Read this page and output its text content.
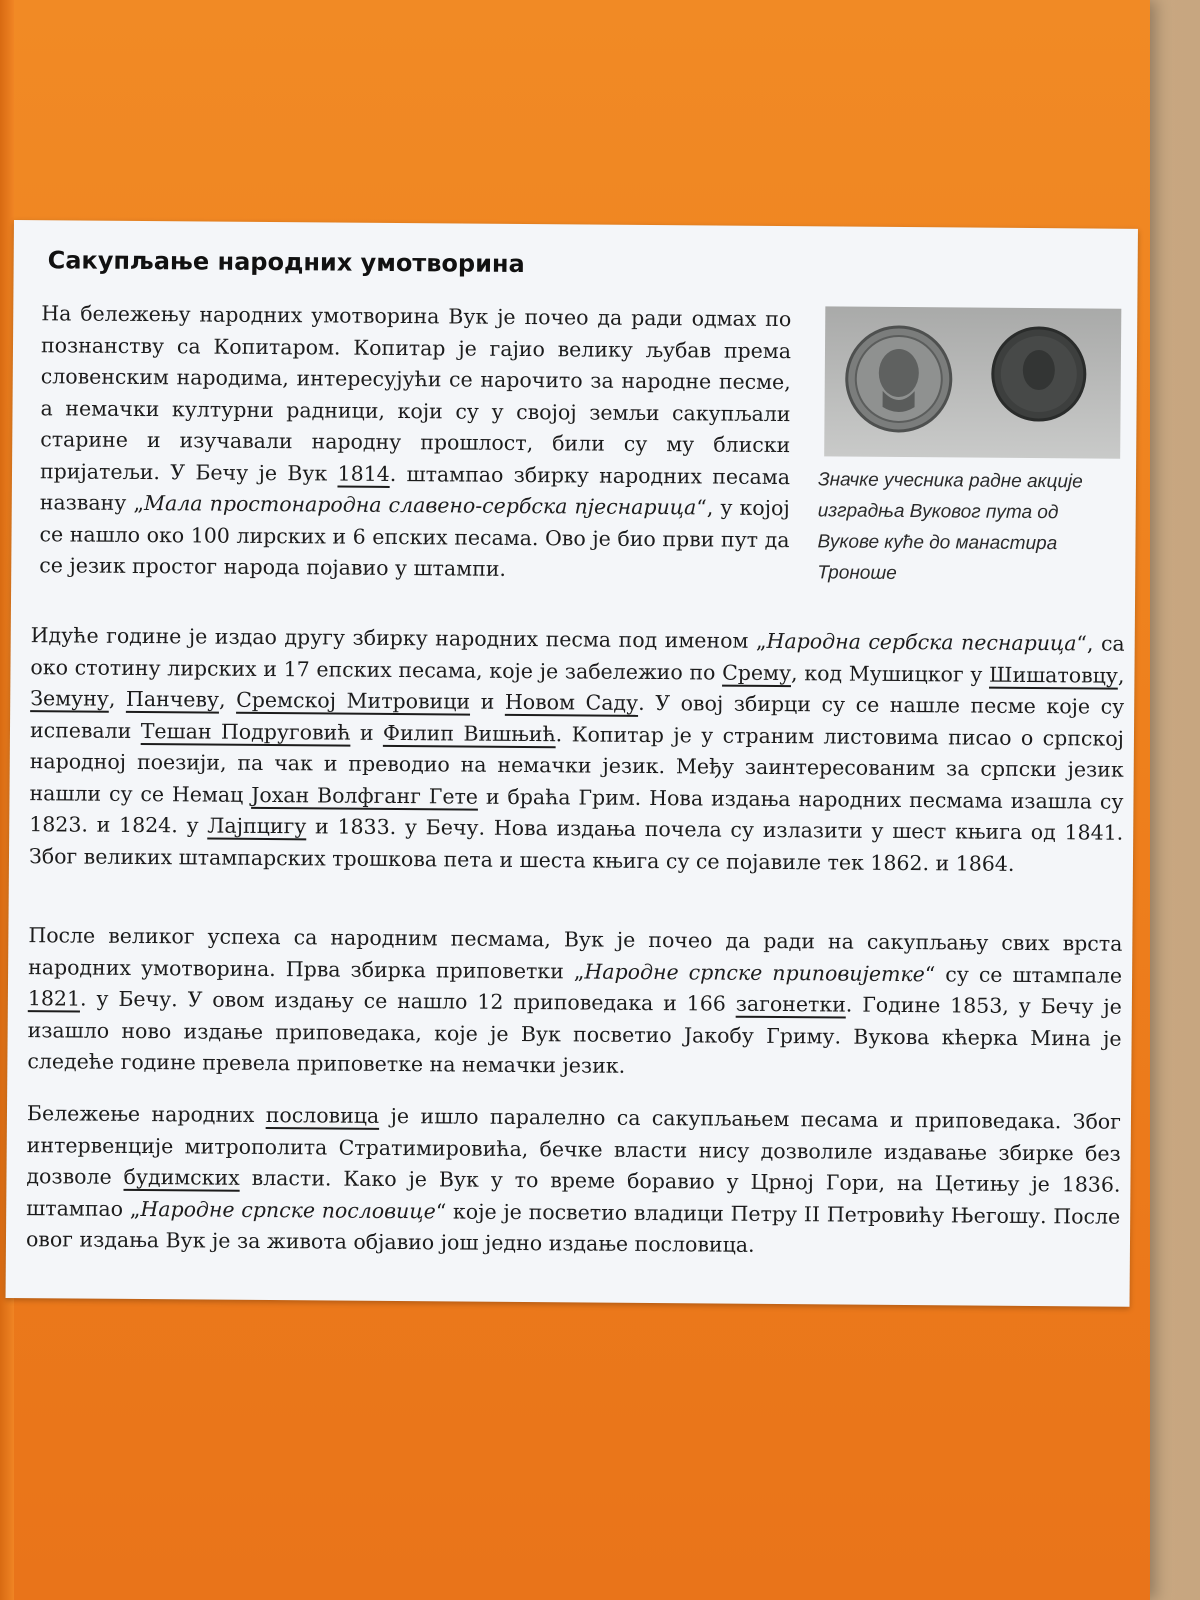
Сакупљање народних умотворина

На бележењу народних умотворина Вук је почео да ради одмах по познанству са Копитаром. Копитар је гајио велику љубав према словенским народима, интересујући се нарочито за народне песме, а немачки културни радници, који су у својој земљи сакупљали старине и изучавали народну прошлост, били су му блиски пријатељи. У Бечу је Вук 1814. штампао збирку народних песама названу „Мала простонародна славено-сербска пјеснарица“, у којој се нашло око 100 лирских и 6 епских песама. Ово је био први пут да се језик простог народа појавио у штампи.

Значке учесника радне акције изградња Вуковог пута од Вукове куће до манастира Троноше

Идуће године је издао другу збирку народних песма под именом „Народна сербска песнарица“, са око стотину лирских и 17 епских песама, које је забележио по Срему, код Мушицког у Шишатовцу, Земуну, Панчеву, Сремској Митровици и Новом Саду. У овој збирци су се нашле песме које су испевали Тешан Подруговић и Филип Вишњић. Копитар је у страним листовима писао о српској народној поезији, па чак и преводио на немачки језик. Међу заинтересованим за српски језик нашли су се Немац Јохан Волфганг Гете и браћа Грим. Нова издања народних песмама изашла су 1823. и 1824. у Лајпцигу и 1833. у Бечу. Нова издања почела су излазити у шест књига од 1841. Због великих штампарских трошкова пета и шеста књига су се појавиле тек 1862. и 1864.

После великог успеха са народним песмама, Вук је почео да ради на сакупљању свих врста народних умотворина. Прва збирка приповетки „Народне српске приповијетке“ су се штампале 1821. у Бечу. У овом издању се нашло 12 приповедака и 166 загонетки. Године 1853, у Бечу је изашло ново издање приповедака, које је Вук посветио Јакобу Гриму. Вукова кћерка Мина је следеће године превела приповетке на немачки језик.

Бележење народних пословица је ишло паралелно са сакупљањем песама и приповедака. Због интервенције митрополита Стратимировића, бечке власти нису дозволиле издавање збирке без дозволе будимских власти. Како је Вук у то време боравио у Црној Гори, на Цетињу је 1836. штампао „Народне српске пословице“ које је посветио владици Петру II Петровићу Његошу. После овог издања Вук је за живота објавио још једно издање пословица.
